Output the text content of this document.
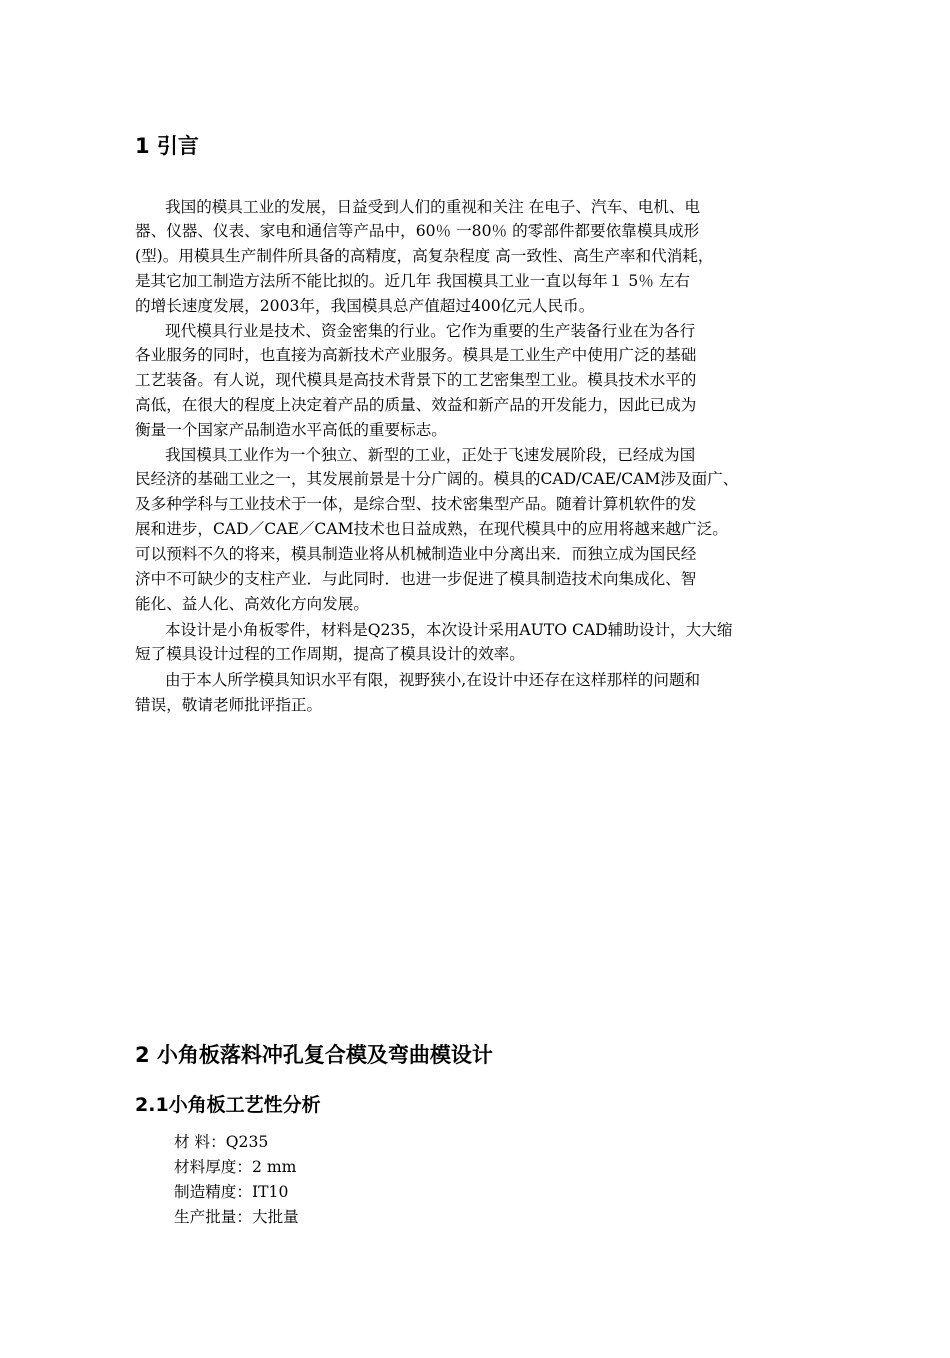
1 引言
我国的模具工业的发展，日益受到人们的重视和关注 在电子、汽车、电机、电
器、仪器、仪表、家电和通信等产品中，60％ 一80％ 的零部件都要依靠模具成形
(型)。用模具生产制件所具备的高精度，高复杂程度 高一致性、高生产率和代消耗，
是其它加工制造方法所不能比拟的。近几年 我国模具工业一直以每年１ 5％ 左右
的增长速度发展，2003年，我国模具总产值超过400亿元人民币。
现代模具行业是技术、资金密集的行业。它作为重要的生产装备行业在为各行
各业服务的同时，也直接为高新技术产业服务。模具是工业生产中使用广泛的基础
工艺装备。有人说，现代模具是高技术背景下的工艺密集型工业。模具技术水平的
高低，在很大的程度上决定着产品的质量、效益和新产品的开发能力，因此已成为
衡量一个国家产品制造水平高低的重要标志。
我国模具工业作为一个独立、新型的工业，正处于飞速发展阶段，已经成为国
民经济的基础工业之一，其发展前景是十分广阔的。模具的CAD/CAE/CAM涉及面广、
及多种学科与工业技术于一体，是综合型、技术密集型产品。随着计算机软件的发
展和进步，CAD／CAE／CAM技术也日益成熟，在现代模具中的应用将越来越广泛。
可以预料不久的将来，模具制造业将从机械制造业中分离出来．而独立成为国民经
济中不可缺少的支柱产业．与此同时．也进一步促进了模具制造技术向集成化、智
能化、益人化、高效化方向发展。
本设计是小角板零件，材料是Q235，本次设计采用AUTO CAD辅助设计，大大缩
短了模具设计过程的工作周期，提高了模具设计的效率。
由于本人所学模具知识水平有限，视野狭小,在设计中还存在这样那样的问题和
错误，敬请老师批评指正。
2 小角板落料冲孔复合模及弯曲模设计
2.1小角板工艺性分析
材 料：Q235
材料厚度：2 mm
制造精度：IT10
生产批量：大批量
